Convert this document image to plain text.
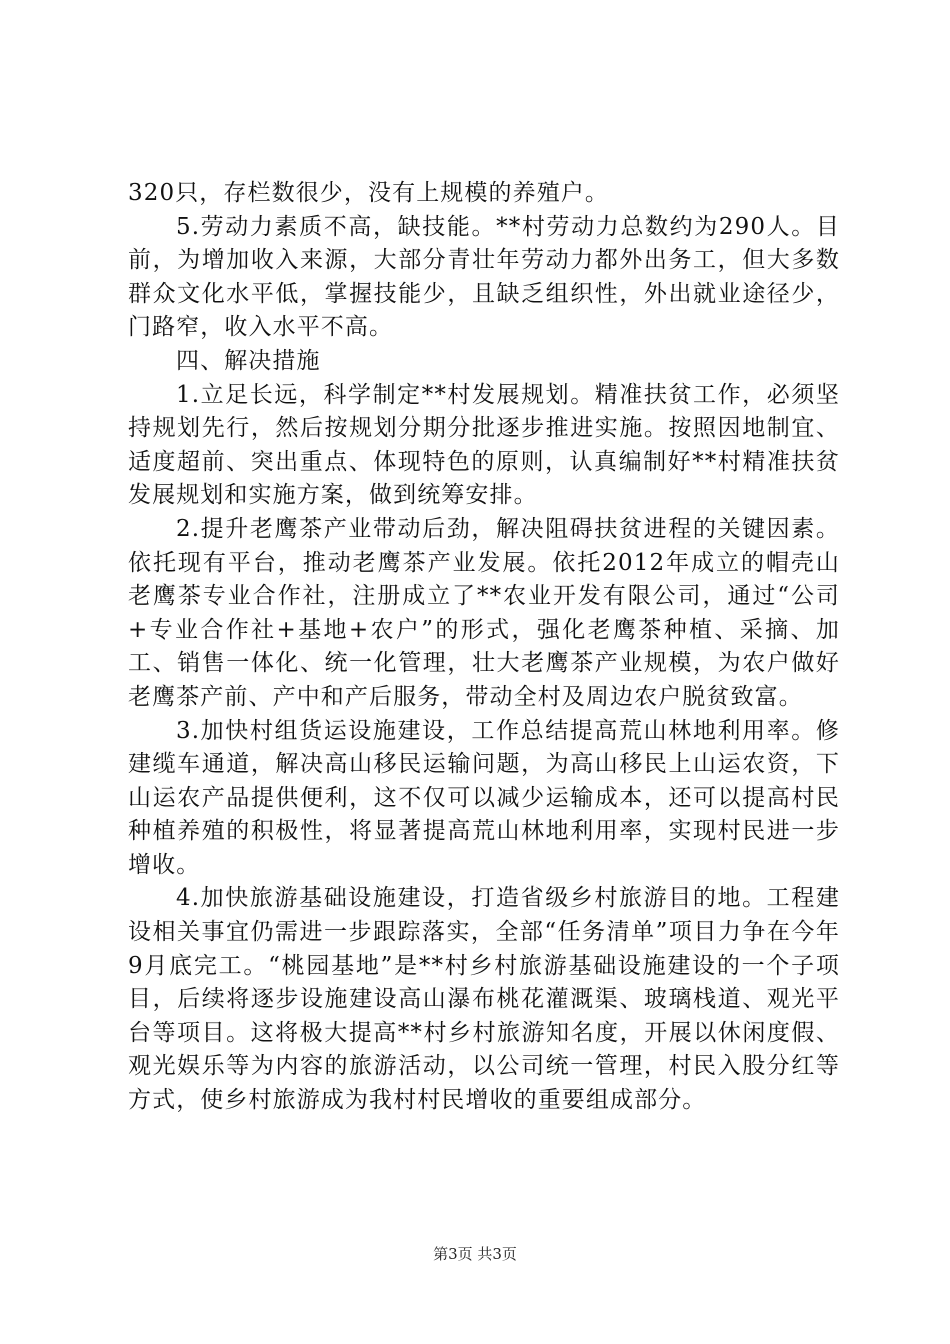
320只，存栏数很少，没有上规模的养殖户。

5.劳动力素质不高，缺技能。**村劳动力总数约为290人。目前，为增加收入来源，大部分青壮年劳动力都外出务工，但大多数群众文化水平低，掌握技能少，且缺乏组织性，外出就业途径少，门路窄，收入水平不高。

四、解决措施

1.立足长远，科学制定**村发展规划。精准扶贫工作，必须坚持规划先行，然后按规划分期分批逐步推进实施。按照因地制宜、适度超前、突出重点、体现特色的原则，认真编制好**村精准扶贫发展规划和实施方案，做到统筹安排。

2.提升老鹰茶产业带动后劲，解决阻碍扶贫进程的关键因素。依托现有平台，推动老鹰茶产业发展。依托2012年成立的帽壳山老鹰茶专业合作社，注册成立了**农业开发有限公司，通过“公司+专业合作社+基地+农户”的形式，强化老鹰茶种植、采摘、加工、销售一体化、统一化管理，壮大老鹰茶产业规模，为农户做好老鹰茶产前、产中和产后服务，带动全村及周边农户脱贫致富。

3.加快村组货运设施建设，工作总结提高荒山林地利用率。修建缆车通道，解决高山移民运输问题，为高山移民上山运农资，下山运农产品提供便利，这不仅可以减少运输成本，还可以提高村民种植养殖的积极性，将显著提高荒山林地利用率，实现村民进一步增收。

4.加快旅游基础设施建设，打造省级乡村旅游目的地。工程建设相关事宜仍需进一步跟踪落实，全部“任务清单”项目力争在今年9月底完工。“桃园基地”是**村乡村旅游基础设施建设的一个子项目，后续将逐步设施建设高山瀑布桃花灌溉渠、玻璃栈道、观光平台等项目。这将极大提高**村乡村旅游知名度，开展以休闲度假、观光娱乐等为内容的旅游活动，以公司统一管理，村民入股分红等方式，使乡村旅游成为我村村民增收的重要组成部分。

第3页 共3页
